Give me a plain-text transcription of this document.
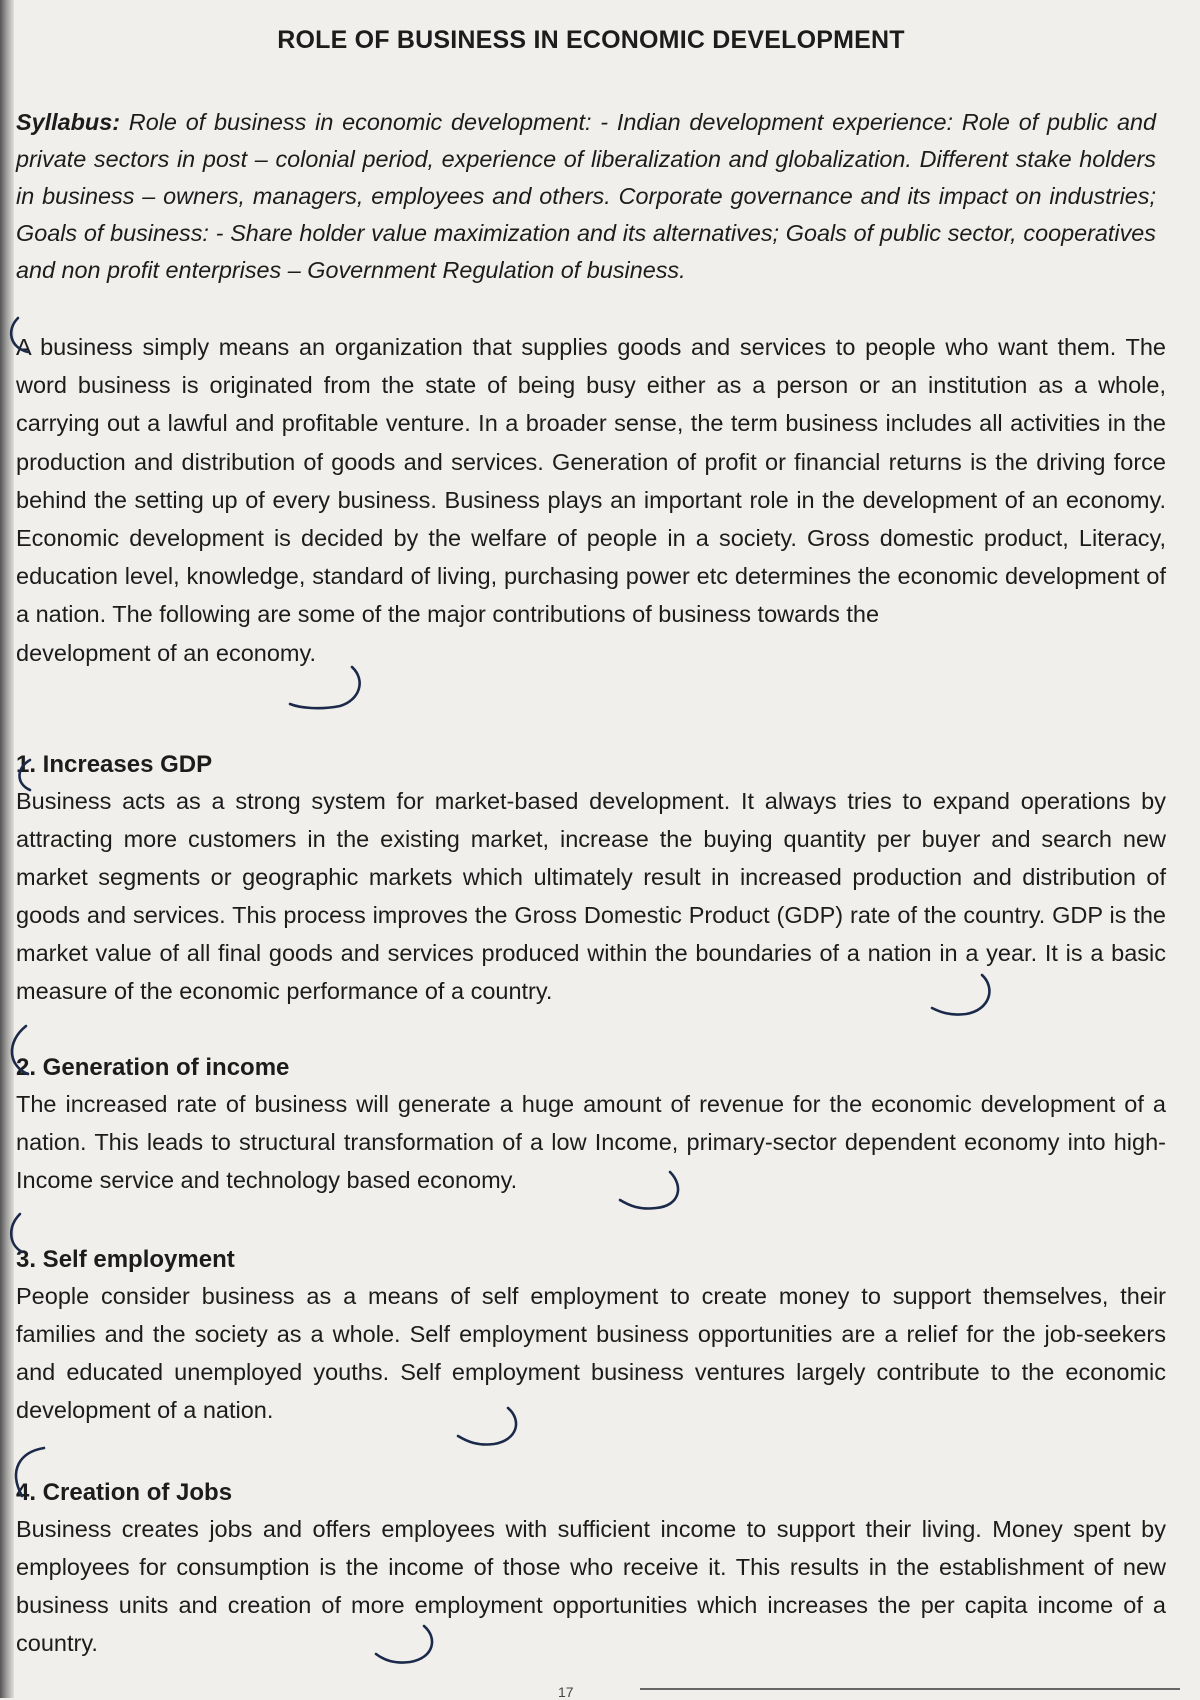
ROLE OF BUSINESS IN ECONOMIC DEVELOPMENT

Syllabus: Role of business in economic development: - Indian development experience: Role of public and private sectors in post – colonial period, experience of liberalization and globalization. Different stake holders in business – owners, managers, employees and others. Corporate governance and its impact on industries; Goals of business: - Share holder value maximization and its alternatives; Goals of public sector, cooperatives and non profit enterprises – Government Regulation of business.

A business simply means an organization that supplies goods and services to people who want them. The word business is originated from the state of being busy either as a person or an institution as a whole, carrying out a lawful and profitable venture. In a broader sense, the term business includes all activities in the production and distribution of goods and services. Generation of profit or financial returns is the driving force behind the setting up of every business. Business plays an important role in the development of an economy. Economic development is decided by the welfare of people in a society. Gross domestic product, Literacy, education level, knowledge, standard of living, purchasing power etc determines the economic development of a nation. The following are some of the major contributions of business towards the
development of an economy.

1. Increases GDP

Business acts as a strong system for market-based development. It always tries to expand operations by attracting more customers in the existing market, increase the buying quantity per buyer and search new market segments or geographic markets which ultimately result in increased production and distribution of goods and services. This process improves the Gross Domestic Product (GDP) rate of the country. GDP is the market value of all final goods and services produced within the boundaries of a nation in a year. It is a basic measure of the economic performance of a country.

2. Generation of income

The increased rate of business will generate a huge amount of revenue for the economic development of a nation. This leads to structural transformation of a low Income, primary-sector dependent economy into high-Income service and technology based economy.

3. Self employment

People consider business as a means of self employment to create money to support themselves, their families and the society as a whole. Self employment business opportunities are a relief for the job-seekers and educated unemployed youths. Self employment business ventures largely contribute to the economic development of a nation.

4. Creation of Jobs

Business creates jobs and offers employees with sufficient income to support their living. Money spent by employees for consumption is the income of those who receive it. This results in the establishment of new business units and creation of more employment opportunities which increases the per capita income of a country.

17
